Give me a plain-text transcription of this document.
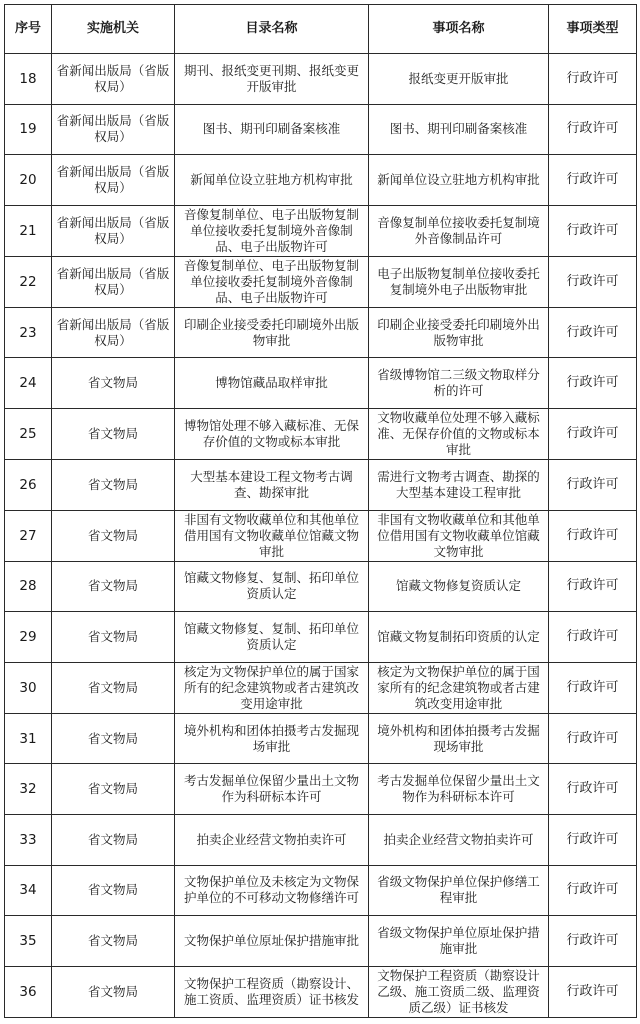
序号	实施机关	目录名称	事项名称	事项类型
18	省新闻出版局（省版权局）	期刊、报纸变更刊期、报纸变更开版审批	报纸变更开版审批	行政许可
19	省新闻出版局（省版权局）	图书、期刊印刷备案核准	图书、期刊印刷备案核准	行政许可
20	省新闻出版局（省版权局）	新闻单位设立驻地方机构审批	新闻单位设立驻地方机构审批	行政许可
21	省新闻出版局（省版权局）	音像复制单位、电子出版物复制单位接收委托复制境外音像制品、电子出版物许可	音像复制单位接收委托复制境外音像制品许可	行政许可
22	省新闻出版局（省版权局）	音像复制单位、电子出版物复制单位接收委托复制境外音像制品、电子出版物许可	电子出版物复制单位接收委托复制境外电子出版物审批	行政许可
23	省新闻出版局（省版权局）	印刷企业接受委托印刷境外出版物审批	印刷企业接受委托印刷境外出版物审批	行政许可
24	省文物局	博物馆藏品取样审批	省级博物馆二三级文物取样分析的许可	行政许可
25	省文物局	博物馆处理不够入藏标准、无保存价值的文物或标本审批	文物收藏单位处理不够入藏标准、无保存价值的文物或标本审批	行政许可
26	省文物局	大型基本建设工程文物考古调查、勘探审批	需进行文物考古调查、勘探的大型基本建设工程审批	行政许可
27	省文物局	非国有文物收藏单位和其他单位借用国有文物收藏单位馆藏文物审批	非国有文物收藏单位和其他单位借用国有文物收藏单位馆藏文物审批	行政许可
28	省文物局	馆藏文物修复、复制、拓印单位资质认定	馆藏文物修复资质认定	行政许可
29	省文物局	馆藏文物修复、复制、拓印单位资质认定	馆藏文物复制拓印资质的认定	行政许可
30	省文物局	核定为文物保护单位的属于国家所有的纪念建筑物或者古建筑改变用途审批	核定为文物保护单位的属于国家所有的纪念建筑物或者古建筑改变用途审批	行政许可
31	省文物局	境外机构和团体拍摄考古发掘现场审批	境外机构和团体拍摄考古发掘现场审批	行政许可
32	省文物局	考古发掘单位保留少量出土文物作为科研标本许可	考古发掘单位保留少量出土文物作为科研标本许可	行政许可
33	省文物局	拍卖企业经营文物拍卖许可	拍卖企业经营文物拍卖许可	行政许可
34	省文物局	文物保护单位及未核定为文物保护单位的不可移动文物修缮许可	省级文物保护单位保护修缮工程审批	行政许可
35	省文物局	文物保护单位原址保护措施审批	省级文物保护单位原址保护措施审批	行政许可
36	省文物局	文物保护工程资质（勘察设计、施工资质、监理资质）证书核发	文物保护工程资质（勘察设计乙级、施工资质二级、监理资质乙级）证书核发	行政许可
